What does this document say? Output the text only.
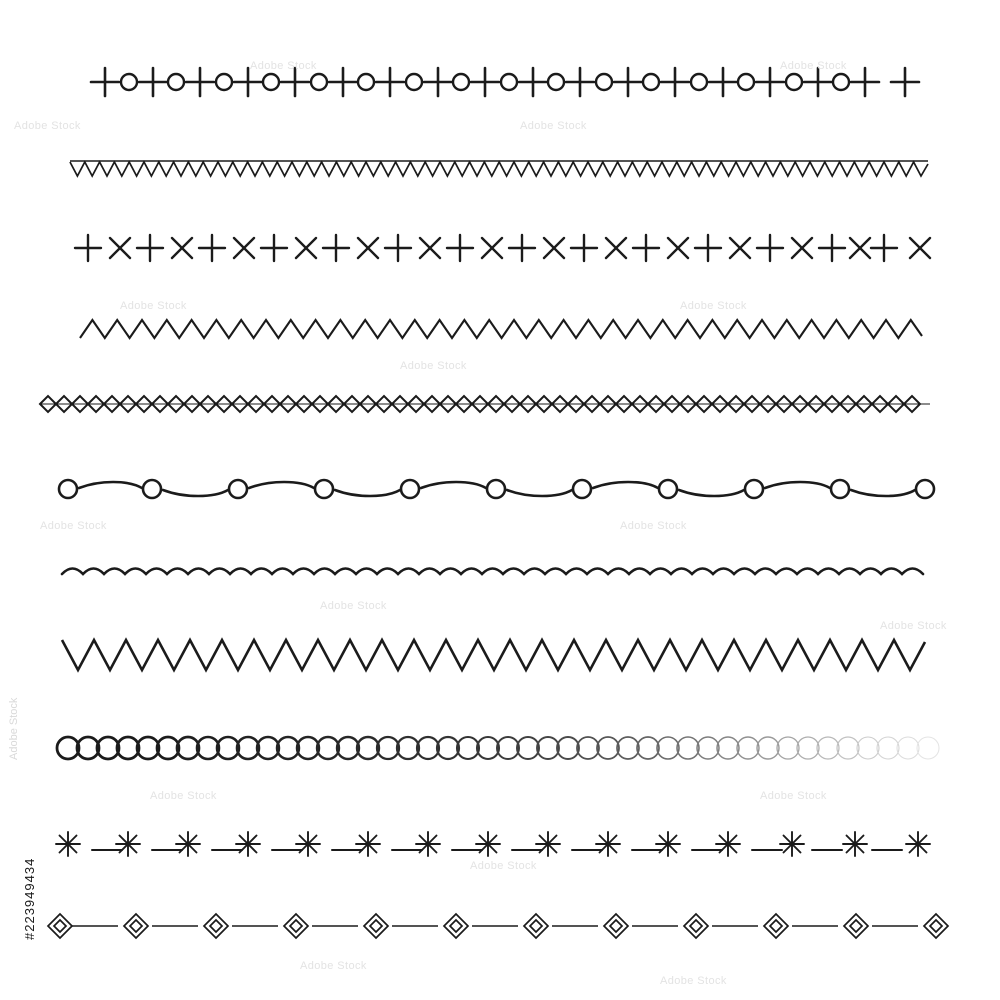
Adobe Stock
Adobe Stock
Adobe Stock
Adobe Stock
Adobe Stock
Adobe Stock
Adobe Stock
Adobe Stock
Adobe Stock
Adobe Stock
Adobe Stock
Adobe Stock
Adobe Stock
Adobe Stock
Adobe Stock
Adobe Stock
Adobe Stock
#223949434
